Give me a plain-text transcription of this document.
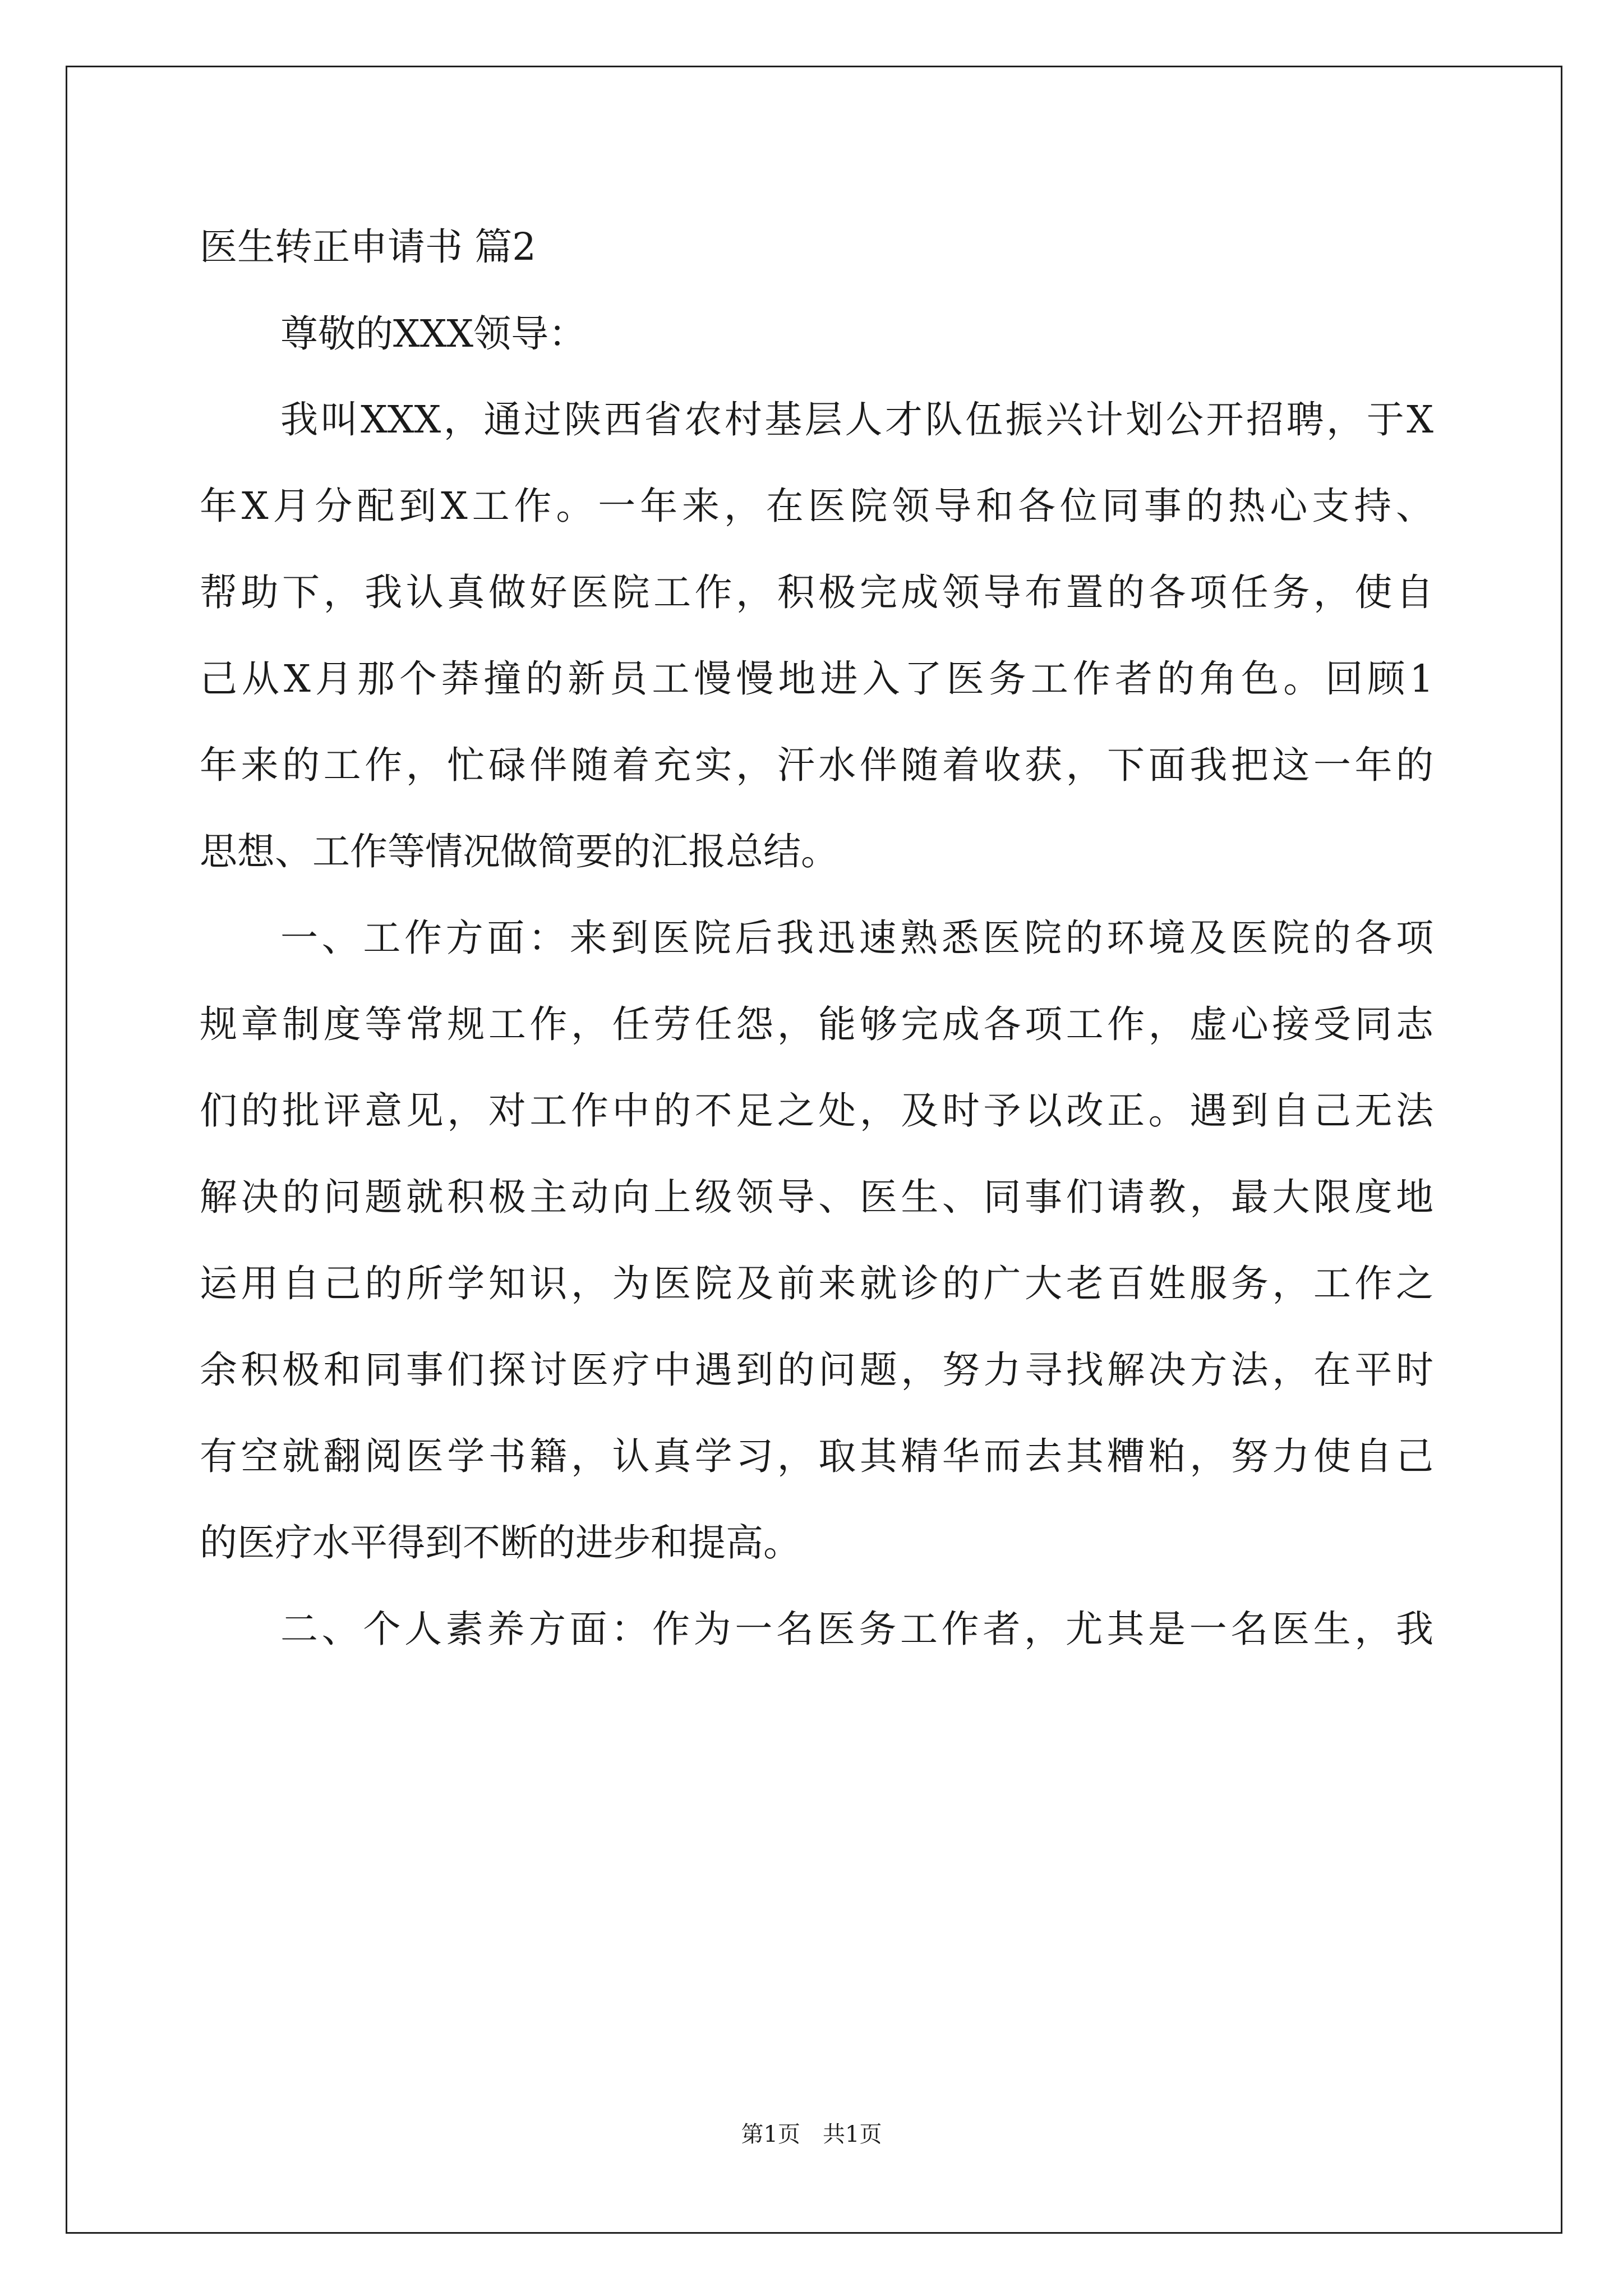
医生转正申请书 篇2

尊敬的XXX领导：

我叫XXX，通过陕西省农村基层人才队伍振兴计划公开招聘，于X

年X月分配到X工作。一年来，在医院领导和各位同事的热心支持、

帮助下，我认真做好医院工作，积极完成领导布置的各项任务，使自

己从X月那个莽撞的新员工慢慢地进入了医务工作者的角色。回顾1

年来的工作，忙碌伴随着充实，汗水伴随着收获，下面我把这一年的

思想、工作等情况做简要的汇报总结。

一、工作方面：来到医院后我迅速熟悉医院的环境及医院的各项

规章制度等常规工作，任劳任怨，能够完成各项工作，虚心接受同志

们的批评意见，对工作中的不足之处，及时予以改正。遇到自己无法

解决的问题就积极主动向上级领导、医生、同事们请教，最大限度地

运用自己的所学知识，为医院及前来就诊的广大老百姓服务，工作之

余积极和同事们探讨医疗中遇到的问题，努力寻找解决方法，在平时

有空就翻阅医学书籍，认真学习，取其精华而去其糟粕，努力使自己

的医疗水平得到不断的进步和提高。

二、个人素养方面：作为一名医务工作者，尤其是一名医生，我

第1页　共1页
